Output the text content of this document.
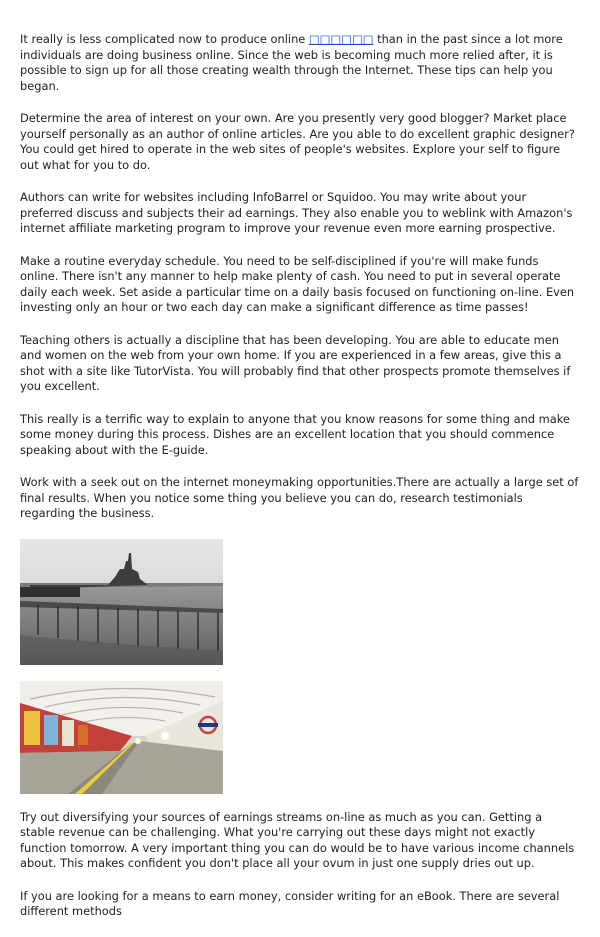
It really is less complicated now to produce online □□□□□□ than in the past since a lot more individuals are doing business online. Since the web is becoming much more relied after, it is possible to sign up for all those creating wealth through the Internet. These tips can help you began.

Determine the area of interest on your own. Are you presently very good blogger? Market place yourself personally as an author of online articles. Are you able to do excellent graphic designer? You could get hired to operate in the web sites of people's websites. Explore your self to figure out what for you to do.

Authors can write for websites including InfoBarrel or Squidoo. You may write about your preferred discuss and subjects their ad earnings. They also enable you to weblink with Amazon's internet affiliate marketing program to improve your revenue even more earning prospective.

Make a routine everyday schedule. You need to be self-disciplined if you're will make funds online. There isn't any manner to help make plenty of cash. You need to put in several operate daily each week. Set aside a particular time on a daily basis focused on functioning on-line. Even investing only an hour or two each day can make a significant difference as time passes!

Teaching others is actually a discipline that has been developing. You are able to educate men and women on the web from your own home. If you are experienced in a few areas, give this a shot with a site like TutorVista. You will probably find that other prospects promote themselves if you excellent.

This really is a terrific way to explain to anyone that you know reasons for some thing and make some money during this process. Dishes are an excellent location that you should commence speaking about with the E-guide.

Work with a seek out on the internet moneymaking opportunities.There are actually a large set of final results. When you notice some thing you believe you can do, research testimonials regarding the business.

Try out diversifying your sources of earnings streams on-line as much as you can. Getting a stable revenue can be challenging. What you're carrying out these days might not exactly function tomorrow. A very important thing you can do would be to have various income channels about. This makes confident you don't place all your ovum in just one supply dries out up.

If you are looking for a means to earn money, consider writing for an eBook. There are several different methods
